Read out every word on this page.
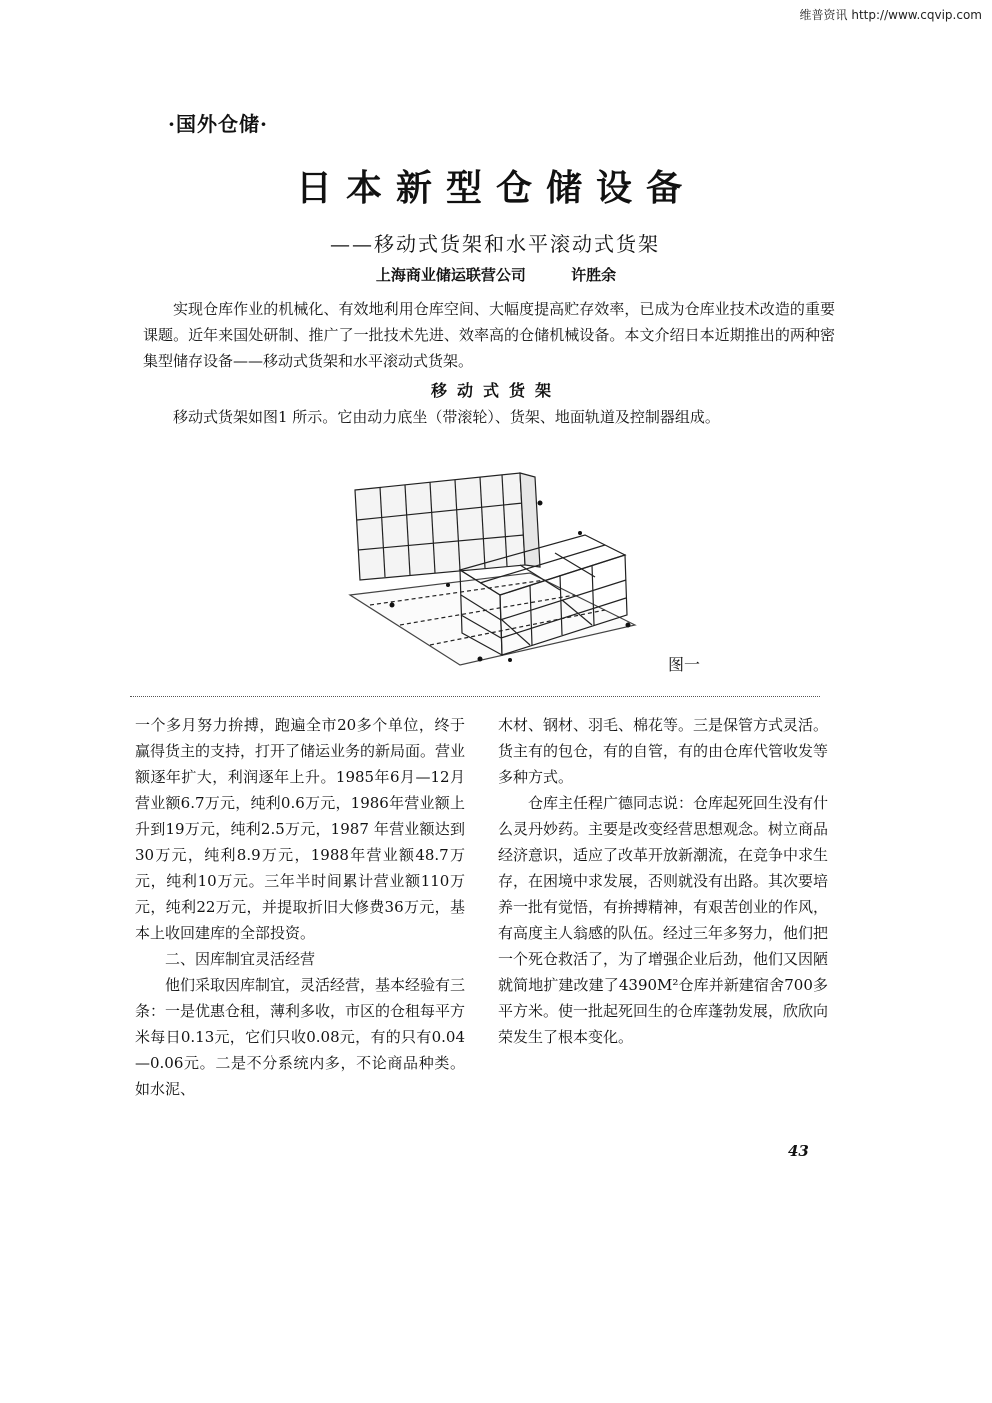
维普资讯 http://www.cqvip.com
·国外仓储·
日本新型仓储设备
——移动式货架和水平滚动式货架
上海商业储运联营公司	许胜余

实现仓库作业的机械化、有效地利用仓库空间、大幅度提高贮存效率，已成为仓库业技术改造的重要课题。近年来国处研制、推广了一批技术先进、效率高的仓储机械设备。本文介绍日本近期推出的两种密集型储存设备——移动式货架和水平滚动式货架。

移动式货架

移动式货架如图1 所示。它由动力底坐（带滚轮）、货架、地面轨道及控制器组成。

图一

一个多月努力拚搏，跑遍全市20多个单位，终于赢得货主的支持，打开了储运业务的新局面。营业额逐年扩大，利润逐年上升。1985年6月—12月营业额6.7万元，纯利0.6万元，1986年营业额上升到19万元，纯利2.5万元，1987 年营业额达到30万元，纯利8.9万元，1988年营业额48.7万元，纯利10万元。三年半时间累计营业额110万元，纯利22万元，并提取折旧大修费36万元，基本上收回建库的全部投资。

二、因库制宜灵活经营

他们采取因库制宜，灵活经营，基本经验有三条：一是优惠仓租，薄利多收，市区的仓租每平方米每日0.13元，它们只收0.08元，有的只有0.04—0.06元。二是不分系统内多，不论商品种类。如水泥、

木材、钢材、羽毛、棉花等。三是保管方式灵活。货主有的包仓，有的自管，有的由仓库代管收发等多种方式。

仓库主任程广德同志说：仓库起死回生没有什么灵丹妙药。主要是改变经营思想观念。树立商品经济意识，适应了改革开放新潮流，在竞争中求生存，在困境中求发展，否则就没有出路。其次要培养一批有觉悟，有拚搏精神，有艰苦创业的作风，有高度主人翁感的队伍。经过三年多努力，他们把一个死仓救活了，为了增强企业后劲，他们又因陋就简地扩建改建了4390M²仓库并新建宿舍700多平方米。使一批起死回生的仓库蓬勃发展，欣欣向荣发生了根本变化。

43
